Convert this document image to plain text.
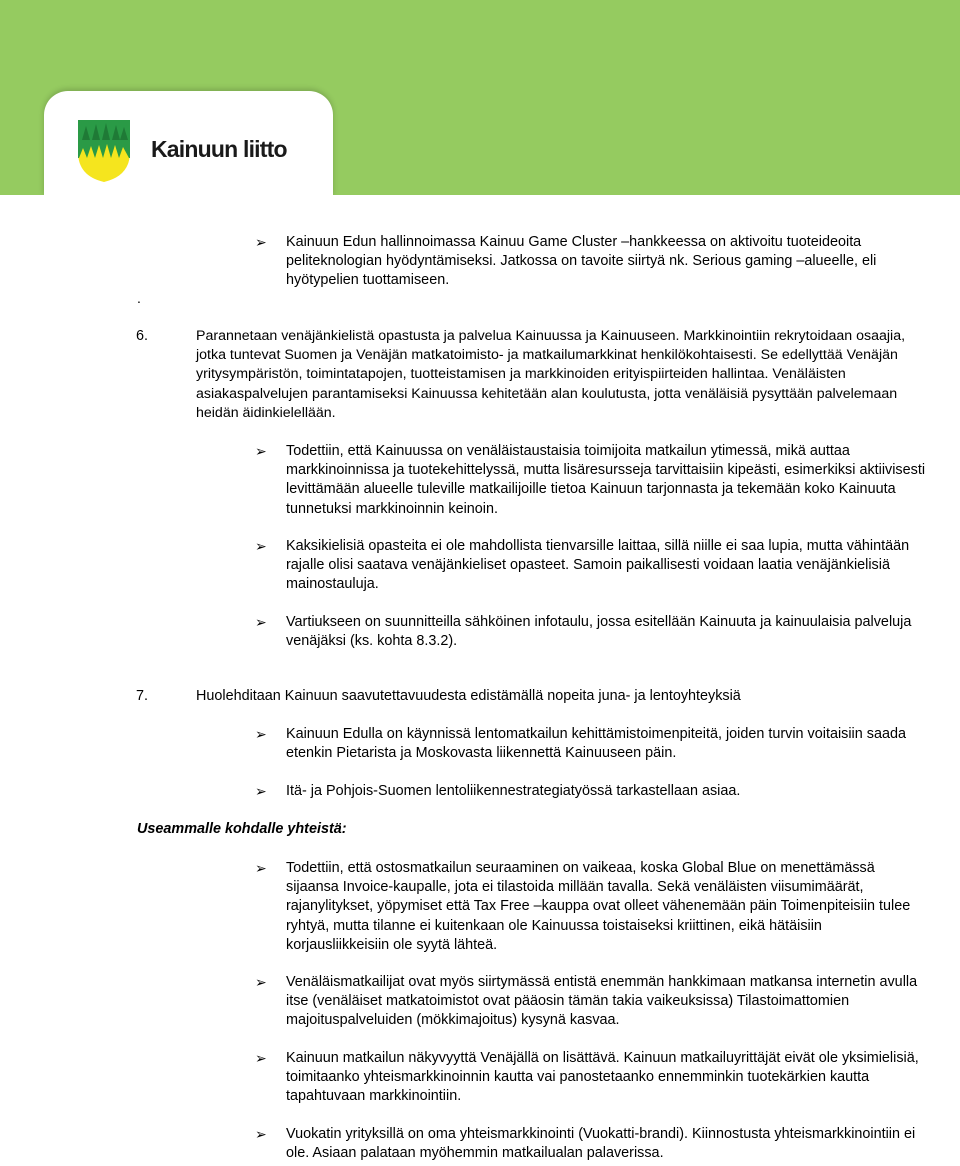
Kainuun liitto
➢ Kainuun Edun hallinnoimassa Kainuu Game Cluster –hankkeessa on aktivoitu tuoteideoita peliteknologian hyödyntämiseksi. Jatkossa on tavoite siirtyä nk. Serious gaming –alueelle, eli hyötypelien tuottamiseen.
.
6.	Parannetaan venäjänkielistä opastusta ja palvelua Kainuussa ja Kainuuseen. Markkinointiin rekrytoidaan osaajia, jotka tuntevat Suomen ja Venäjän matkatoimisto- ja matkailumarkkinat henkilökohtaisesti. Se edellyttää Venäjän yritysympäristön, toimintatapojen, tuotteistamisen ja markkinoiden erityispiirteiden hallintaa. Venäläisten asiakaspalvelujen parantamiseksi Kainuussa kehitetään alan koulutusta, jotta venäläisiä pysyttään palvelemaan heidän äidinkielellään.
➢ Todettiin, että Kainuussa on venäläistaustaisia toimijoita matkailun ytimessä, mikä auttaa markkinoinnissa ja tuotekehittelyssä, mutta lisäresursseja tarvittaisiin kipeästi, esimerkiksi aktiivisesti levittämään alueelle tuleville matkailijoille tietoa Kainuun tarjonnasta ja tekemään koko Kainuuta tunnetuksi markkinoinnin keinoin.
➢ Kaksikielisiä opasteita ei ole mahdollista tienvarsille laittaa, sillä niille ei saa lupia, mutta vähintään rajalle olisi saatava venäjänkieliset opasteet. Samoin paikallisesti voidaan laatia venäjänkielisiä mainostauluja.
➢ Vartiukseen on suunnitteilla sähköinen infotaulu, jossa esitellään Kainuuta ja kainuulaisia palveluja venäjäksi (ks. kohta 8.3.2).
7.	Huolehditaan Kainuun saavutettavuudesta edistämällä nopeita juna- ja lentoyhteyksiä
➢ Kainuun Edulla on käynnissä lentomatkailun kehittämistoimenpiteitä, joiden turvin voitaisiin saada etenkin Pietarista ja Moskovasta liikennettä Kainuuseen päin.
➢ Itä- ja Pohjois-Suomen lentoliikennestrategiatyössä tarkastellaan asiaa.
Useammalle kohdalle yhteistä:
➢ Todettiin, että ostosmatkailun seuraaminen on vaikeaa, koska Global Blue on menettämässä sijaansa Invoice-kaupalle, jota ei tilastoida millään tavalla. Sekä venäläisten viisumimäärät, rajanylitykset, yöpymiset että Tax Free –kauppa ovat olleet vähenemään päin Toimenpiteisiin tulee ryhtyä, mutta tilanne ei kuitenkaan ole Kainuussa toistaiseksi kriittinen, eikä hätäisiin korjausliikkeisiin ole syytä lähteä.
➢ Venäläismatkailijat ovat myös siirtymässä entistä enemmän hankkimaan matkansa internetin avulla itse (venäläiset matkatoimistot ovat pääosin tämän takia vaikeuksissa) Tilastoimattomien majoituspalveluiden (mökkimajoitus) kysynä kasvaa.
➢ Kainuun matkailun näkyvyyttä Venäjällä on lisättävä. Kainuun matkailuyrittäjät eivät ole yksimielisiä, toimitaanko yhteismarkkinoinnin kautta vai panostetaanko ennemminkin tuotekärkien kautta tapahtuvaan markkinointiin.
➢ Vuokatin yrityksillä on oma yhteismarkkinointi (Vuokatti-brandi). Kiinnostusta yhteismarkkinointiin ei ole. Asiaan palataan myöhemmin matkailualan palaverissa.
